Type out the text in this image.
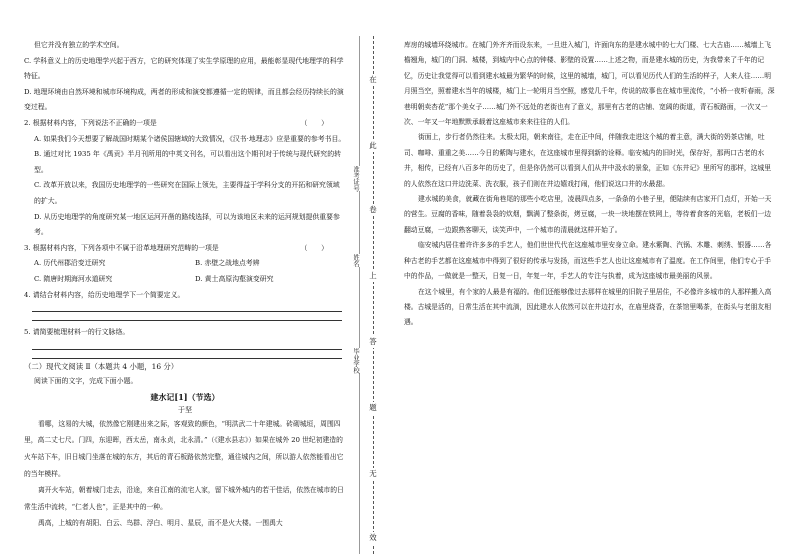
但它并没有独立的学术空间。

C. 学科意义上的历史地理学兴起于西方，它的研究体现了实生学原理的应用，最能彰显现代地理学的科学特征。

D. 地理环境由自然环境和城市环境构成，两者的形成和演变都遵循一定的规律，而且都会经历持续长的演变过程。

2. 根据材料内容，下列说法不正确的一项是	（　　）

A. 如果我们今天想要了解战国时期某个诸侯国辖域的大致情况，《汉书·地理志》应是重要的参考书目。

B. 通过对比 1935 年《禹贡》半月刊所用的中英文刊名，可以看出这个期刊对于传统与现代研究的转型。

C. 改革开放以来，我国历史地理学的一些研究在国际上领先，主要得益于学科分支的开拓和研究领域的扩大。

D. 从历史地理学的角度研究某一地区运河开凿的路线选择，可以为该地区未来的运河规划提供重要参考。

3. 根据材料内容，下列各项中不属于沿革地理研究范畴的一项是	（　　）

A. 历代州郡沿变迁研究	B. 赤壁之战地点考辨
C. 隋唐时期海河水道研究	D. 黄土高原沟壑演变研究

4. 请结合材料内容，给历史地理学下一个简要定义。

5. 请简要梳理材料一的行文脉络。

（二）现代文阅读 Ⅱ（本题共 4 小题，16 分）

阅读下面的文字，完成下面小题。

建水记[1]（节选）

于坚

看哪，这易的大城，依然像它刚建出来之际，客观致的颜色，“明洪武二十年建城。砖砌城垣，周围四里，高二丈七尺。门四，东迎晖，西太岳，南永贞，北永清。”（《建水县志》）如果在城外 20 世纪初建造的火车站下车，旧日城门坐落在城的东方，其后的青石板路依然完整，通往城内之间，所以游人依然能看出它的当年模样。

离开火车站，朝着城门走去，沿途，来自江南的流宅人家，留下城外城内的若干佳话，依然在城市的日常生活中流转，“仁者人也”，正是其中的一种。

禹高，上城的有胡阳、白云、鸟群、浮白、明月、星辰，而不是火大楼。一围禹大

在
此
卷
上
答
题
无
效
准考证号
姓名
毕业学校

库房的城墙环绕城市。在城门外齐齐而设东来，一旦进入城门，许面向东的是建水城中的七大门楼、七大古庙……城墙上飞檐翘角，城门的门洞、城楼，到城内中心点的钟楼、影壁的设置……上述之物，而是建水城的历史，为我带来了千年的记忆，历史让我觉得可以看到建水城最为繁华的时候，这里的城墙，城门，可以看见历代人们的生活的样子，人来人往……明月照当空，照着建水当年的城楼，城门上一轮明月当空照，感觉几千年，传说的故事也在城市里流传，“小桥一夜听春雨，深巷明朝卖杏花”那个美女子……城门外不远处的老街也有了意义，那里有古老的店铺、宽阔的街道，青石板路面，一次又一次、一年又一年地默默承载着这座城市来来往往的人们。

街面上，步行者仍然往来。太极太阳，朝来南往，走在正中间，伴随我走进这个城的着主意，满大街的奶茶店铺，吐司、咖啡、重重之美……今日的紫陶与建水，在这座城市里得到新的诠释。临安城内的旧时光，保存好，那两口古老的水井，相传，已经有八百多年的历史了，但是你仍然可以看到人们从井中汲水的景象，正如《东井记》里所写的那样，这城里的人依然在这口井边洗菜、洗衣服，孩子们则在井边嬉戏打闹，他们说这口井的水最甜。

建水城的美食，就藏在街角巷尾的那些小吃店里，凌晨四点多，一条条的小巷子里，便陆续有店家开门点灯，开始一天的营生。豆腐的香味，随着袅袅的炊烟，飘满了整条街，烤豆腐，一块一块地摆在铁网上，等待着食客的光临，老板们一边翻动豆腐，一边跟熟客聊天，谈笑声中，一个城市的清晨就这样开始了。

临安城内居住着许许多多的手艺人，他们世世代代在这座城市里安身立命。建水紫陶、汽锅、木雕、刺绣、银器……各种古老的手艺都在这座城市中得到了很好的传承与发扬，而这些手艺人也让这座城市有了温度。在工作间里，他们专心于手中的作品，一做就是一整天，日复一日，年复一年，手艺人的专注与执着，成为这座城市最美丽的风景。

在这个城里，有个家的人最是有福的。他们还能够像过去那样在城里的旧院子里居住，不必像许多城市的人那样搬入高楼。古城是活的，日常生活在其中流淌，因此建水人依然可以在井边打水，在庙里烧香，在茶馆里喝茶，在街头与老朋友相遇。
